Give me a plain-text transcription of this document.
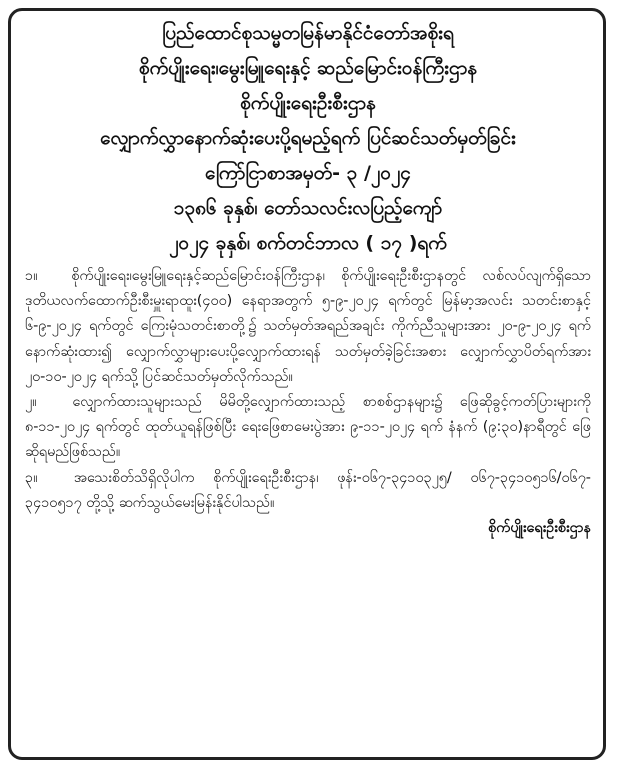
ပြည်ထောင်စုသမ္မတမြန်မာနိုင်ငံတော်အစိုးရ
စိုက်ပျိုးရေး၊မွေးမြူရေးနှင့် ဆည်မြောင်းဝန်ကြီးဌာန
စိုက်ပျိုးရေးဦးစီးဌာန
လျှောက်လွှာနောက်ဆုံးပေးပို့ရမည့်ရက် ပြင်ဆင်သတ်မှတ်ခြင်း
ကြော်ငြာစာအမှတ်- ၃ /၂၀၂၄
၁၃၈၆ ခုနှစ်၊ တော်သလင်းလပြည့်ကျော်
၂၀၂၄ ခုနှစ်၊ စက်တင်ဘာလ ( ၁၇ )ရက်

၁။ စိုက်ပျိုးရေး၊မွေးမြူရေးနှင့်ဆည်မြောင်းဝန်ကြီးဌာန၊ စိုက်ပျိုးရေးဦးစီးဌာနတွင် လစ်လပ်လျက်ရှိသော ဒုတိယလက်ထောက်ဦးစီးမှူးရာထူး(၄၀၀) နေရာအတွက် ၅-၉-၂၀၂၄ ရက်တွင် မြန်မာ့အလင်း သတင်းစာနှင့် ၆-၉-၂၀၂၄ ရက်တွင် ကြေးမုံသတင်းစာတို့၌ သတ်မှတ်အရည်အချင်း ကိုက်ညီသူများအား ၂၀-၉-၂၀၂၄ ရက်နောက်ဆုံးထား၍ လျှောက်လွှာများပေးပို့လျှောက်ထားရန် သတ်မှတ်ခဲ့ခြင်းအစား လျှောက်လွှာပိတ်ရက်အား ၂၀-၁၀-၂၀၂၄ ရက်သို့ ပြင်ဆင်သတ်မှတ်လိုက်သည်။

၂။	လျှောက်ထားသူများသည် မိမိတို့လျှောက်ထားသည့် စာစစ်ဌာနများ၌ ဖြေဆိုခွင့်ကတ်ပြားများကို ၈-၁၁-၂၀၂၄ ရက်တွင် ထုတ်ယူရန်ဖြစ်ပြီး ရေးဖြေစာမေးပွဲအား ၉-၁၁-၂၀၂၄ ရက် နံနက် (၉:၃၀)နာရီတွင် ဖြေဆိုရမည်ဖြစ်သည်။

၃။	အသေးစိတ်သိရှိလိုပါက စိုက်ပျိုးရေးဦးစီးဌာန၊ ဖုန်း-၀၆၇-၃၄၁၀၃၂၅/ ၀၆၇-၃၄၁၀၅၁၆/၀၆၇- ၃၄၁၀၅၁၇ တို့သို့ ဆက်သွယ်မေးမြန်းနိုင်ပါသည်။

စိုက်ပျိုးရေးဦးစီးဌာန
